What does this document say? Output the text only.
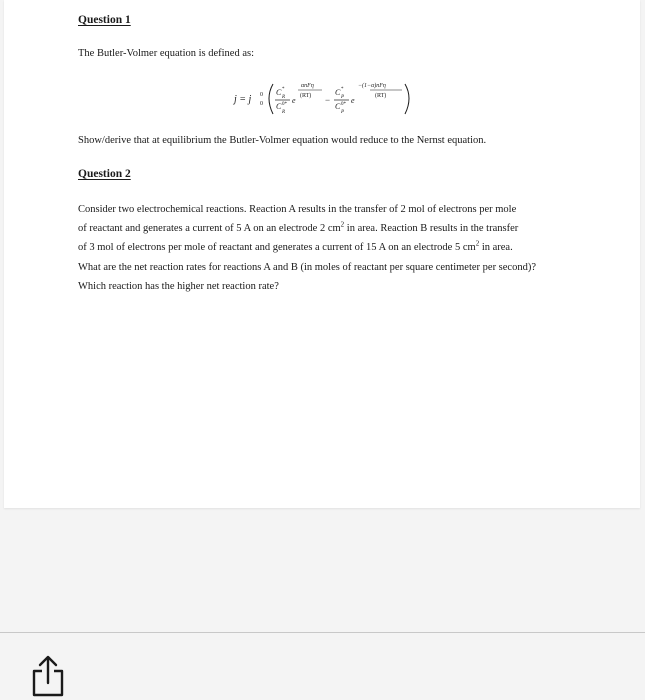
Question 1

The Butler-Volmer equation is defined as:

j = j 0
0
C *
R
C 0*
R
e
αnFη
(RT) −
C *
P
C 0*
P
e
−(1−α)nFη
(RT)

Show/derive that at equilibrium the Butler-Volmer equation would reduce to the Nernst equation.

Question 2

Consider two electrochemical reactions. Reaction A results in the transfer of 2 mol of electrons per mole
of reactant and generates a current of 5 A on an electrode 2 $cm^2$ in area. Reaction B results in the transfer
of 3 mol of electrons per mole of reactant and generates a current of 15 A on an electrode 5 $cm^2$ in area.
What are the net reaction rates for reactions A and B (in moles of reactant per square centimeter per second)?
Which reaction has the higher net reaction rate?
